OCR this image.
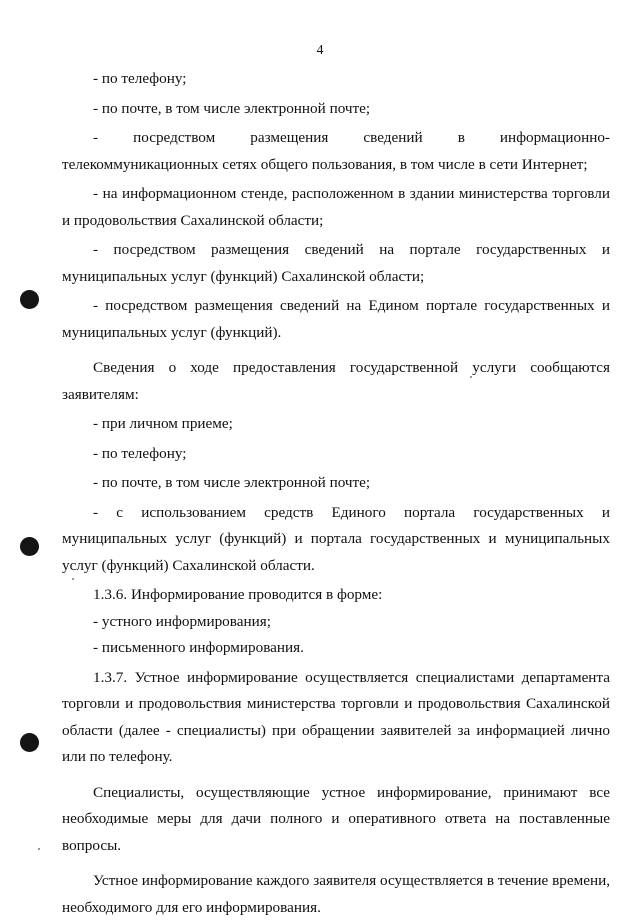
4

- по телефону;

- по почте, в том числе электронной почте;

- посредством размещения сведений в информационно-телекоммуникационных сетях общего пользования, в том числе в сети Интернет;

- на информационном стенде, расположенном в здании министерства торговли и продовольствия Сахалинской области;

- посредством размещения сведений на портале государственных и муниципальных услуг (функций) Сахалинской области;

- посредством размещения сведений на Едином портале государственных и муниципальных услуг (функций).

Сведения о ходе предоставления государственной услуги сообщаются заявителям:

- при личном приеме;

- по телефону;

- по почте, в том числе электронной почте;

- с использованием средств Единого портала государственных и муниципальных услуг (функций) и портала государственных и муниципальных услуг (функций) Сахалинской области.

1.3.6. Информирование проводится в форме:

- устного информирования;

- письменного информирования.

1.3.7. Устное информирование осуществляется специалистами департамента торговли и продовольствия министерства торговли и продовольствия Сахалинской области (далее - специалисты) при обращении заявителей за информацией лично или по телефону.

Специалисты, осуществляющие устное информирование, принимают все необходимые меры для дачи полного и оперативного ответа на поставленные вопросы.

Устное информирование каждого заявителя осуществляется в течение времени, необходимого для его информирования.
